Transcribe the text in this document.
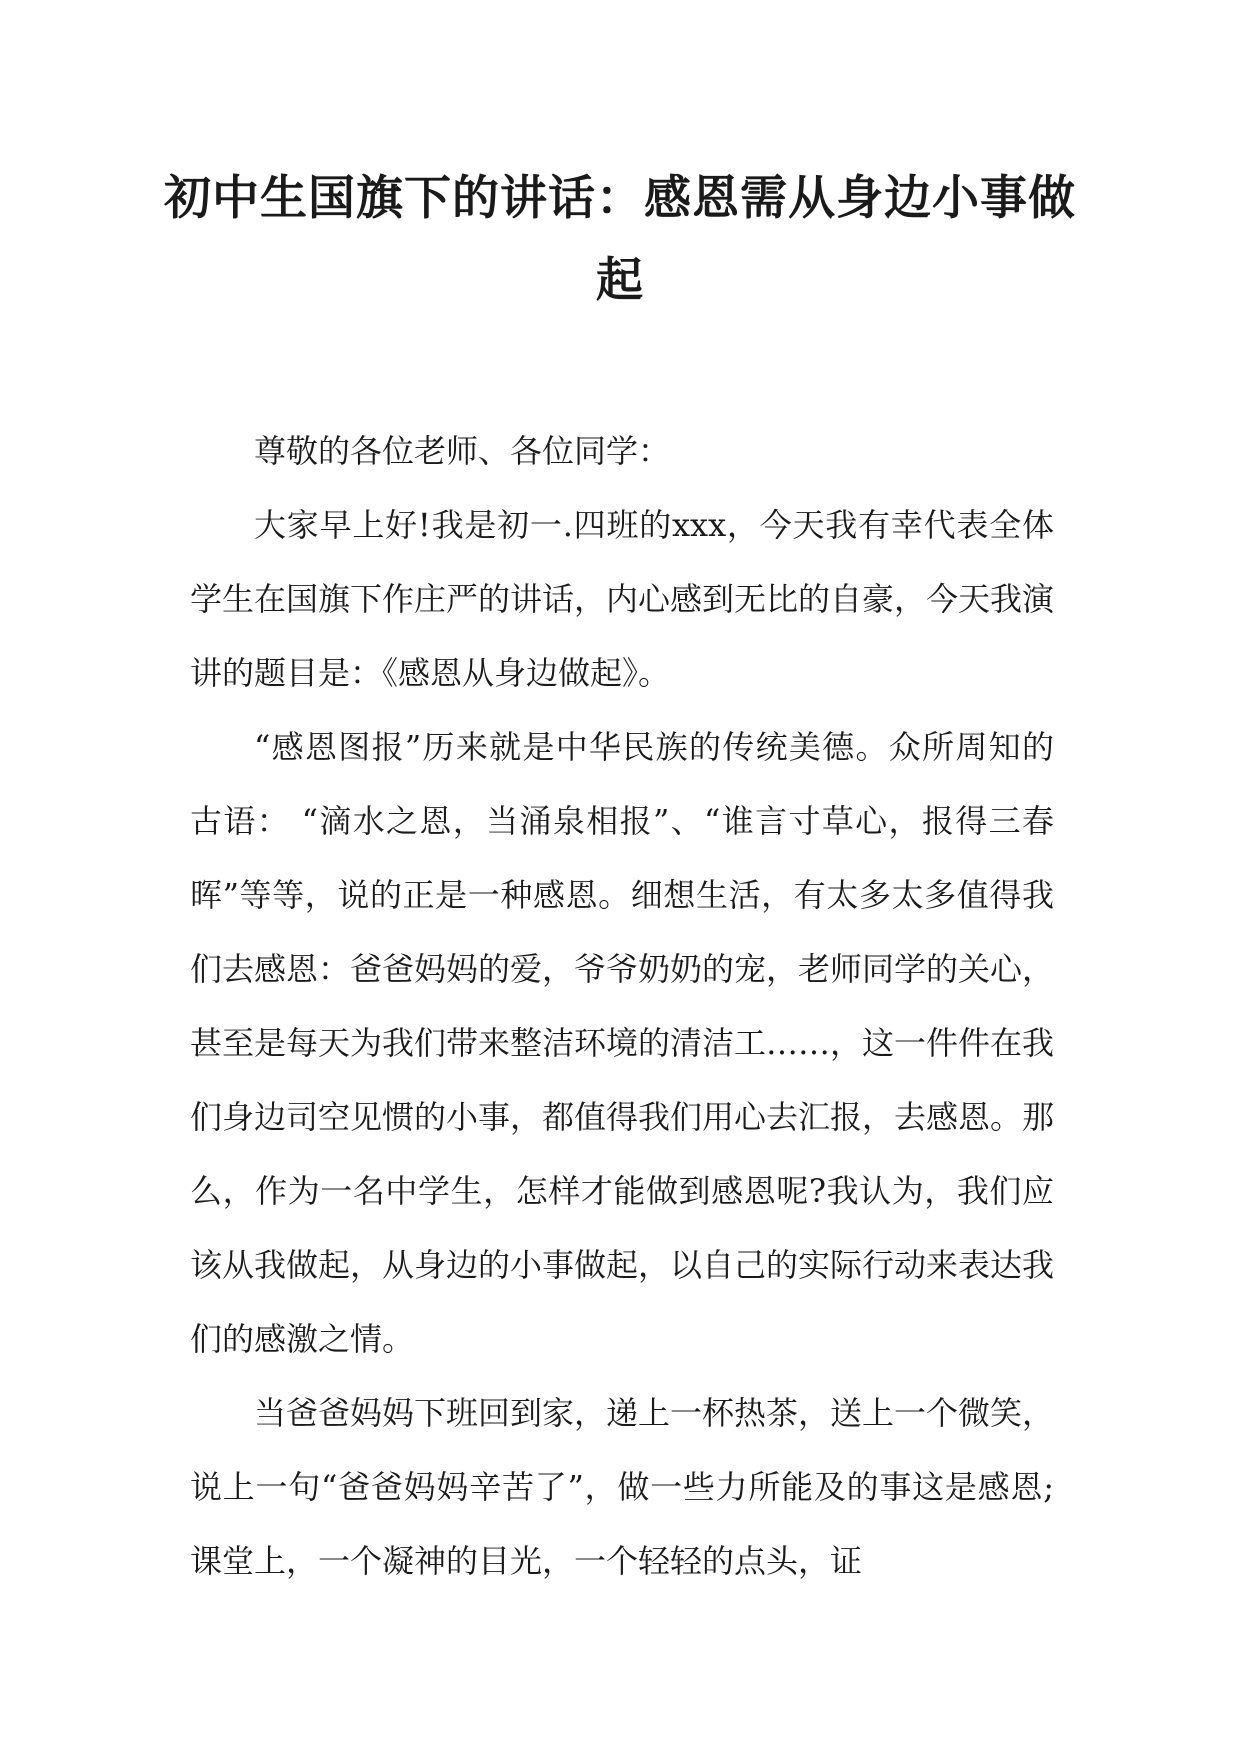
初中生国旗下的讲话：感恩需从身边小事做起

尊敬的各位老师、各位同学：

大家早上好!我是初一.四班的xxx，今天我有幸代表全体学生在国旗下作庄严的讲话，内心感到无比的自豪，今天我演讲的题目是：《感恩从身边做起》。

“感恩图报”历来就是中华民族的传统美德。众所周知的古语： “滴水之恩，当涌泉相报”、“谁言寸草心，报得三春晖”等等，说的正是一种感恩。细想生活，有太多太多值得我们去感恩：爸爸妈妈的爱，爷爷奶奶的宠，老师同学的关心，甚至是每天为我们带来整洁环境的清洁工……，这一件件在我们身边司空见惯的小事，都值得我们用心去汇报，去感恩。那么，作为一名中学生，怎样才能做到感恩呢?我认为，我们应该从我做起，从身边的小事做起，以自己的实际行动来表达我们的感激之情。

当爸爸妈妈下班回到家，递上一杯热茶，送上一个微笑，说上一句“爸爸妈妈辛苦了”，做一些力所能及的事这是感恩;课堂上，一个凝神的目光，一个轻轻的点头，证
